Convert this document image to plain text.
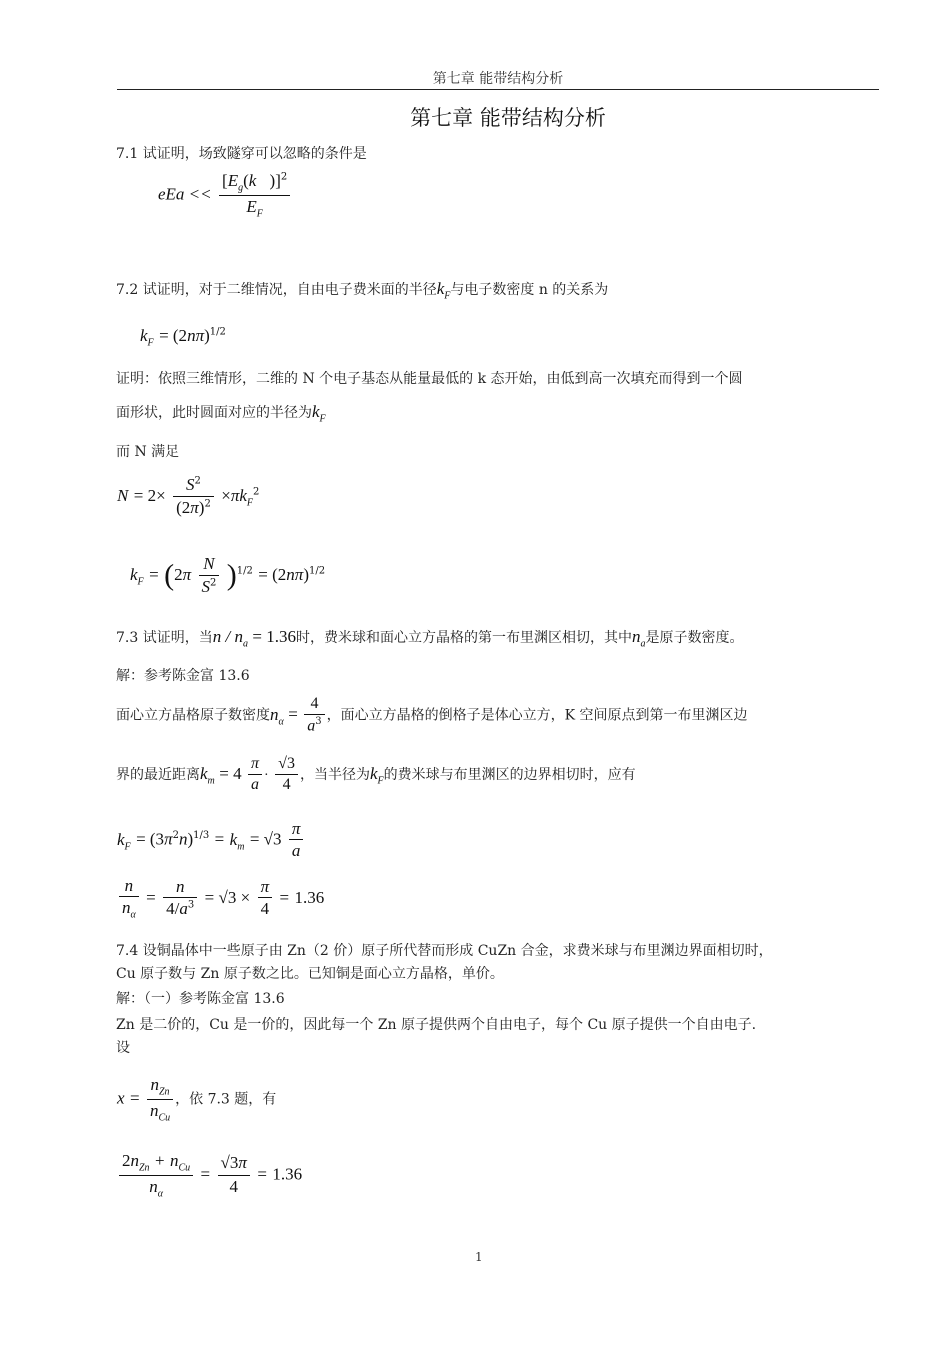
第七章 能带结构分析
第七章 能带结构分析
7.1 试证明，场致隧穿可以忽略的条件是
eEa << $\frac{[E_g(k⃗)]^2}{E_F}$
7.2 试证明，对于二维情况，自由电子费米面的半径$k_F$与电子数密度 n 的关系为
$k_F = (2n\pi)^{1/2}$
证明：依照三维情形，二维的 N 个电子基态从能量最低的 k 态开始，由低到高一次填充而得到一个圆
面形状，此时圆面对应的半径为$k_F$
而 N 满足
$N = 2\times \frac{S^2}{(2\pi)^2} \times\pi k_F^2$
$k_F = (2\pi \frac{N}{S^2} )^{1/2} = (2n\pi)^{1/2}$
7.3 试证明，当$n / n_a = 1.36$时，费米球和面心立方晶格的第一布里渊区相切，其中$n_a$是原子数密度。
解：参考陈金富 13.6
面心立方晶格原子数密度$n_\alpha = \frac{4}{a^3}$ ，面心立方晶格的倒格子是体心立方，K 空间原点到第一布里渊区边
界的最近距离$k_m = 4 \frac{\pi}{a} \cdot \frac{√3}{4}$ ，当半径为$k_F$的费米球与布里渊区的边界相切时，应有
$k_F = (3\pi^2n)^{1/3} = k_m = √3 \frac{\pi}{a}$
$\frac{n}{n_\alpha} = \frac{n}{4/a^3} = √3 \times \frac{\pi}{4} = 1.36$
7.4 设铜晶体中一些原子由 Zn（2 价）原子所代替而形成 CuZn 合金，求费米球与布里渊边界面相切时，
Cu 原子数与 Zn 原子数之比。已知铜是面心立方晶格，单价。
解：（一）参考陈金富 13.6
Zn 是二价的，Cu 是一价的，因此每一个 Zn 原子提供两个自由电子，每个 Cu 原子提供一个自由电子.
设
$x = \frac{n_{Zn}}{n_{Cu}}$ ，依 7.3 题，有
$\frac{2n_{Zn} + n_{Cu}}{n_\alpha} = \frac{√3\pi}{4} = 1.36$
1
